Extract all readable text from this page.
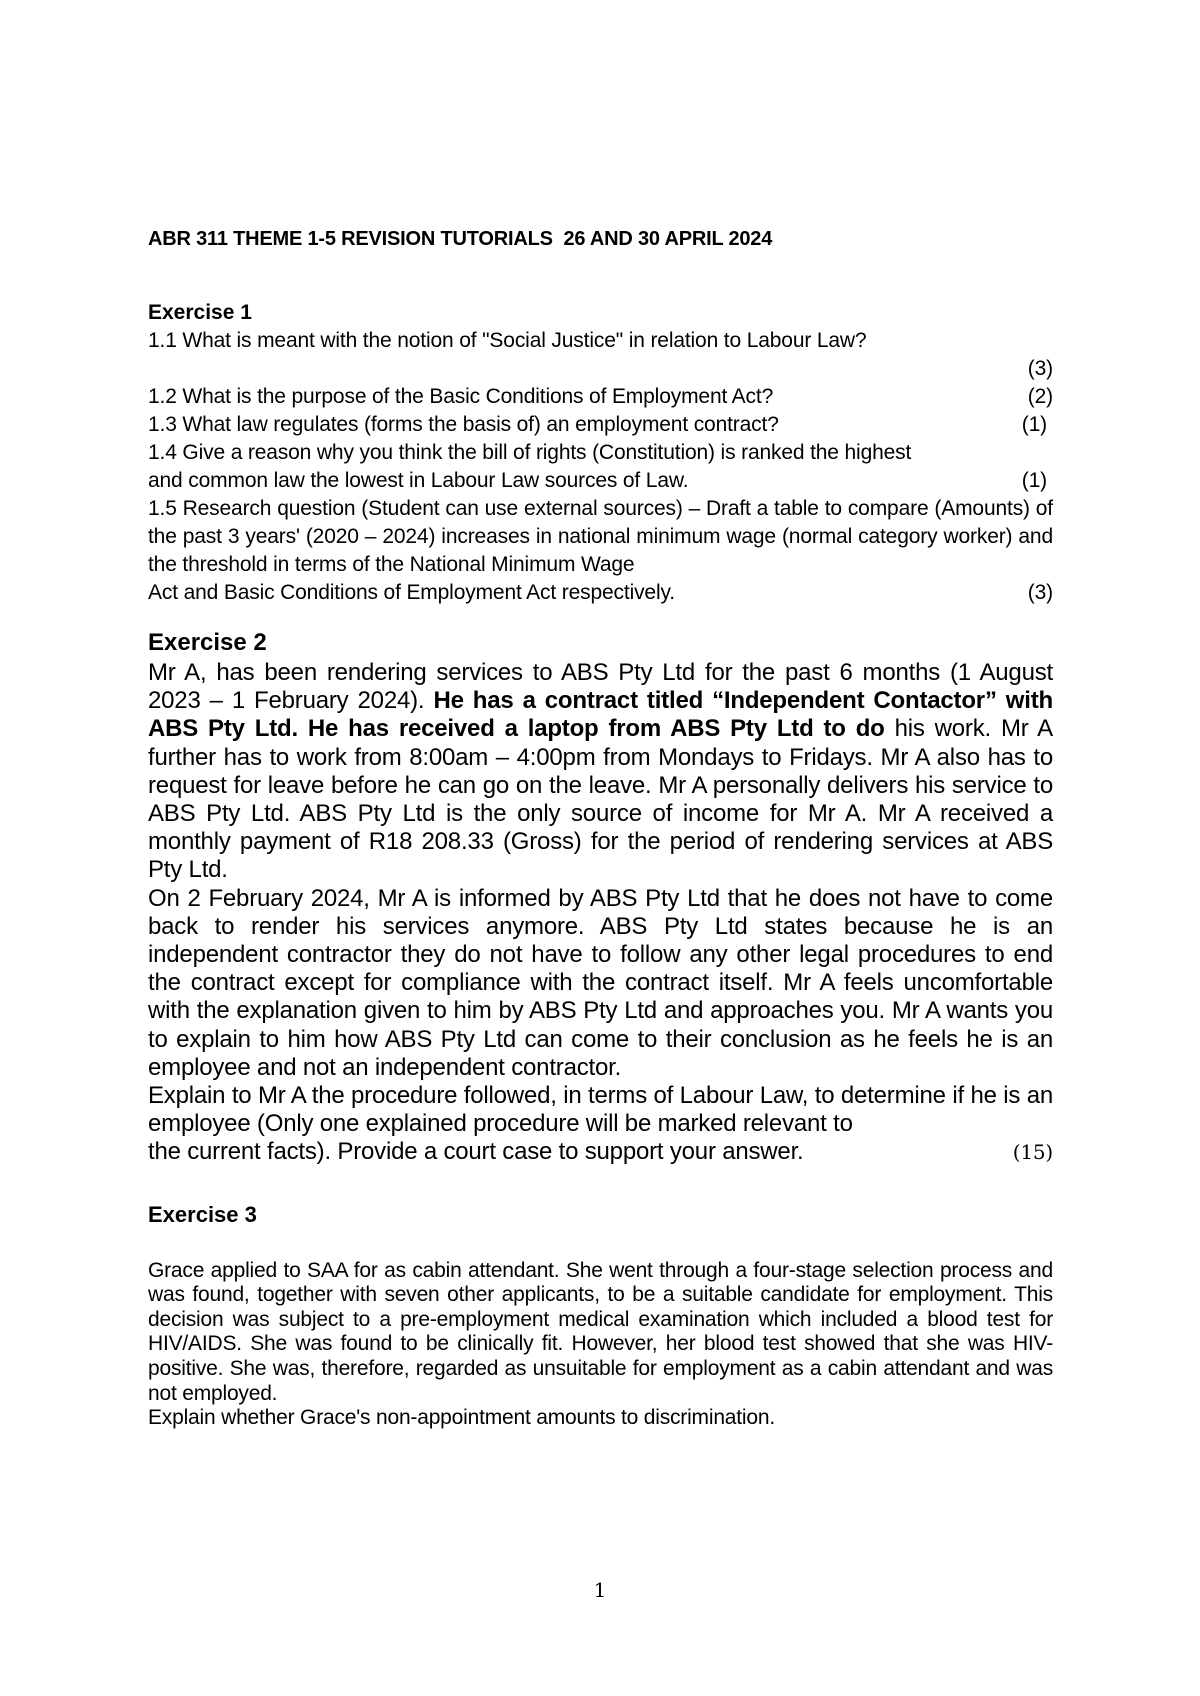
ABR 311 THEME 1-5 REVISION TUTORIALS  26 AND 30 APRIL 2024

Exercise 1

1.1 What is meant with the notion of "Social Justice" in relation to Labour Law?

(3)

1.2 What is the purpose of the Basic Conditions of Employment Act?	(2)
1.3 What law regulates (forms the basis of) an employment contract?	(1)

1.4 Give a reason why you think the bill of rights (Constitution) is ranked the highest

and common law the lowest in Labour Law sources of Law.	(1)

1.5 Research question (Student can use external sources) – Draft a table to compare (Amounts) of the past 3 years' (2020 – 2024) increases in national minimum wage (normal category worker) and the threshold in terms of the National Minimum Wage

Act and Basic Conditions of Employment Act respectively.	(3)

Exercise 2

Mr A, has been rendering services to ABS Pty Ltd for the past 6 months (1 August 2023 – 1 February 2024). He has a contract titled “Independent Contactor” with ABS Pty Ltd. He has received a laptop from ABS Pty Ltd to do his work. Mr A further has to work from 8:00am – 4:00pm from Mondays to Fridays. Mr A also has to request for leave before he can go on the leave. Mr A personally delivers his service to ABS Pty Ltd. ABS Pty Ltd is the only source of income for Mr A. Mr A received a monthly payment of R18 208.33 (Gross) for the period of rendering services at ABS Pty Ltd.

On 2 February 2024, Mr A is informed by ABS Pty Ltd that he does not have to come back to render his services anymore. ABS Pty Ltd states because he is an independent contractor they do not have to follow any other legal procedures to end the contract except for compliance with the contract itself. Mr A feels uncomfortable with the explanation given to him by ABS Pty Ltd and approaches you. Mr A wants you to explain to him how ABS Pty Ltd can come to their conclusion as he feels he is an employee and not an independent contractor.

Explain to Mr A the procedure followed, in terms of Labour Law, to determine if he is an employee (Only one explained procedure will be marked relevant to

the current facts). Provide a court case to support your answer.	(15)

Exercise 3

Grace applied to SAA for as cabin attendant. She went through a four-stage selection process and was found, together with seven other applicants, to be a suitable candidate for employment. This decision was subject to a pre-employment medical examination which included a blood test for HIV/AIDS. She was found to be clinically fit. However, her blood test showed that she was HIV-positive. She was, therefore, regarded as unsuitable for employment as a cabin attendant and was not employed.

Explain whether Grace's non-appointment amounts to discrimination.

1
